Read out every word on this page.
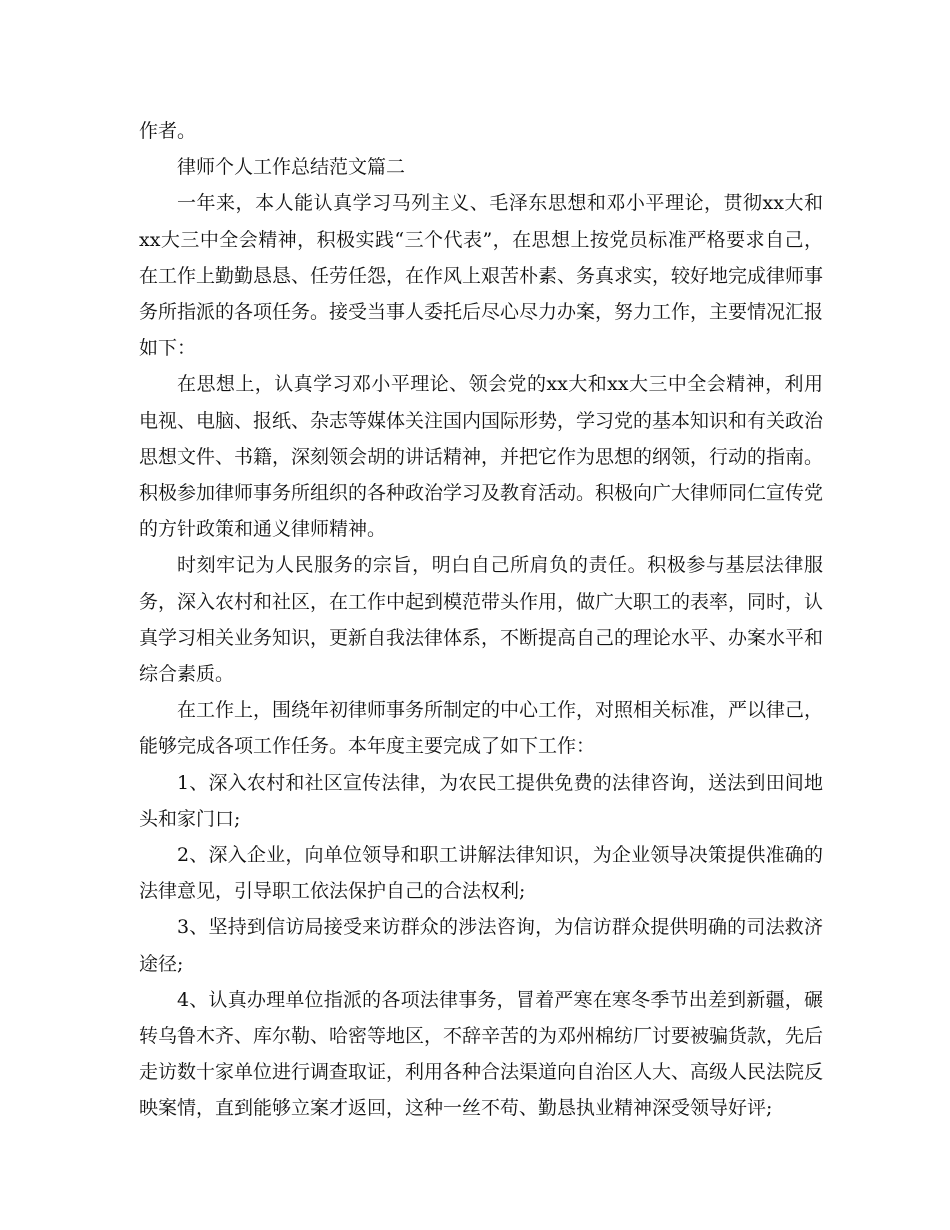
作者。

律师个人工作总结范文篇二

一年来，本人能认真学习马列主义、毛泽东思想和邓小平理论，贯彻xx大和xx大三中全会精神，积极实践“三个代表”，在思想上按党员标准严格要求自己，在工作上勤勤恳恳、任劳任怨，在作风上艰苦朴素、务真求实，较好地完成律师事务所指派的各项任务。接受当事人委托后尽心尽力办案，努力工作，主要情况汇报如下：

在思想上，认真学习邓小平理论、领会党的xx大和xx大三中全会精神，利用电视、电脑、报纸、杂志等媒体关注国内国际形势，学习党的基本知识和有关政治思想文件、书籍，深刻领会胡的讲话精神，并把它作为思想的纲领，行动的指南。积极参加律师事务所组织的各种政治学习及教育活动。积极向广大律师同仁宣传党的方针政策和通义律师精神。

时刻牢记为人民服务的宗旨，明白自己所肩负的责任。积极参与基层法律服务，深入农村和社区，在工作中起到模范带头作用，做广大职工的表率，同时，认真学习相关业务知识，更新自我法律体系，不断提高自己的理论水平、办案水平和综合素质。

在工作上，围绕年初律师事务所制定的中心工作，对照相关标准，严以律己，能够完成各项工作任务。本年度主要完成了如下工作：

1、深入农村和社区宣传法律，为农民工提供免费的法律咨询，送法到田间地头和家门口;

2、深入企业，向单位领导和职工讲解法律知识，为企业领导决策提供准确的法律意见，引导职工依法保护自己的合法权利;

3、坚持到信访局接受来访群众的涉法咨询，为信访群众提供明确的司法救济途径;

4、认真办理单位指派的各项法律事务，冒着严寒在寒冬季节出差到新疆，碾转乌鲁木齐、库尔勒、哈密等地区，不辞辛苦的为邓州棉纺厂讨要被骗货款，先后走访数十家单位进行调查取证，利用各种合法渠道向自治区人大、高级人民法院反映案情，直到能够立案才返回，这种一丝不苟、勤恳执业精神深受领导好评;
